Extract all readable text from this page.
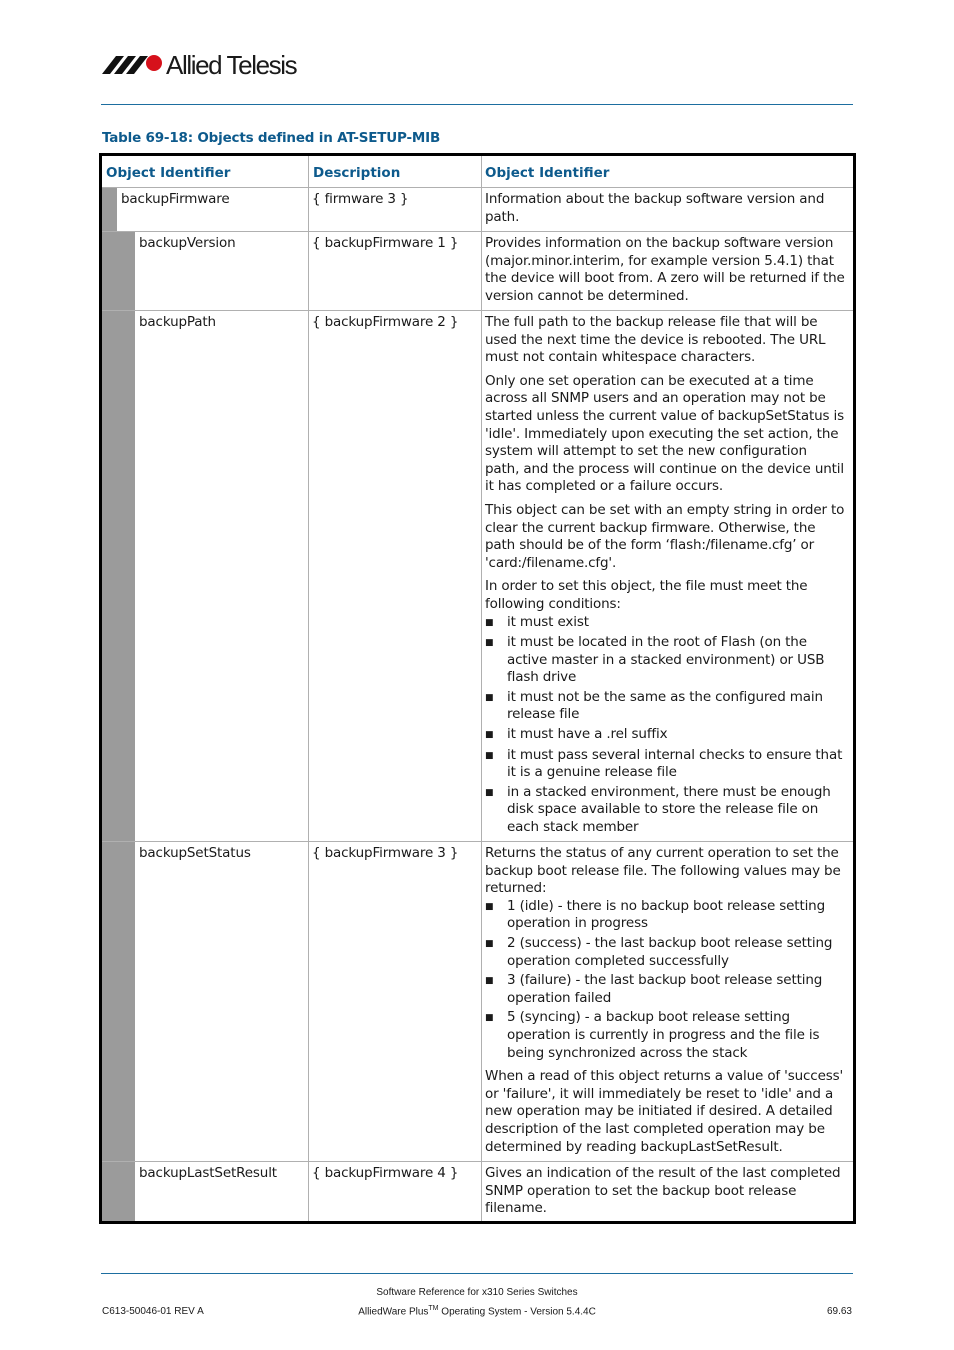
Allied Telesis
Table 69-18: Objects defined in AT-SETUP-MIB
Object Identifier	Description	Object Identifier
backupFirmware	{ firmware 3 }	Information about the backup software version and path.

backupVersion	{ backupFirmware 1 }	Provides information on the backup software version (major.minor.interim, for example version 5.4.1) that the device will boot from. A zero will be returned if the version cannot be determined.

backupPath	{ backupFirmware 2 }	The full path to the backup release file that will be used the next time the device is rebooted. The URL must not contain whitespace characters.

Only one set operation can be executed at a time across all SNMP users and an operation may not be started unless the current value of backupSetStatus is 'idle'. Immediately upon executing the set action, the system will attempt to set the new configuration path, and the process will continue on the device until it has completed or a failure occurs.

This object can be set with an empty string in order to clear the current backup firmware. Otherwise, the path should be of the form ‘flash:/filename.cfg’ or 'card:/filename.cfg'.

In order to set this object, the file must meet the following conditions:

■	it must exist
■	it must be located in the root of Flash (on the active master in a stacked environment) or USB flash drive
■	it must not be the same as the configured main release file
■	it must have a .rel suffix
■	it must pass several internal checks to ensure that it is a genuine release file
■	in a stacked environment, there must be enough disk space available to store the release file on each stack member
backupSetStatus	{ backupFirmware 3 }	Returns the status of any current operation to set the backup boot release file. The following values may be returned:

■	1 (idle) - there is no backup boot release setting operation in progress
■	2 (success) - the last backup boot release setting operation completed successfully
■	3 (failure) - the last backup boot release setting operation failed
■	5 (syncing) - a backup boot release setting operation is currently in progress and the file is being synchronized across the stack

When a read of this object returns a value of 'success' or 'failure', it will immediately be reset to 'idle' and a new operation may be initiated if desired. A detailed description of the last completed operation may be determined by reading backupLastSetResult.

backupLastSetResult	{ backupFirmware 4 }	Gives an indication of the result of the last completed SNMP operation to set the backup boot release filename.

Software Reference for x310 Series Switches
AlliedWare Plus™ Operating System - Version 5.4.4C
C613-50046-01 REV A	69.63
